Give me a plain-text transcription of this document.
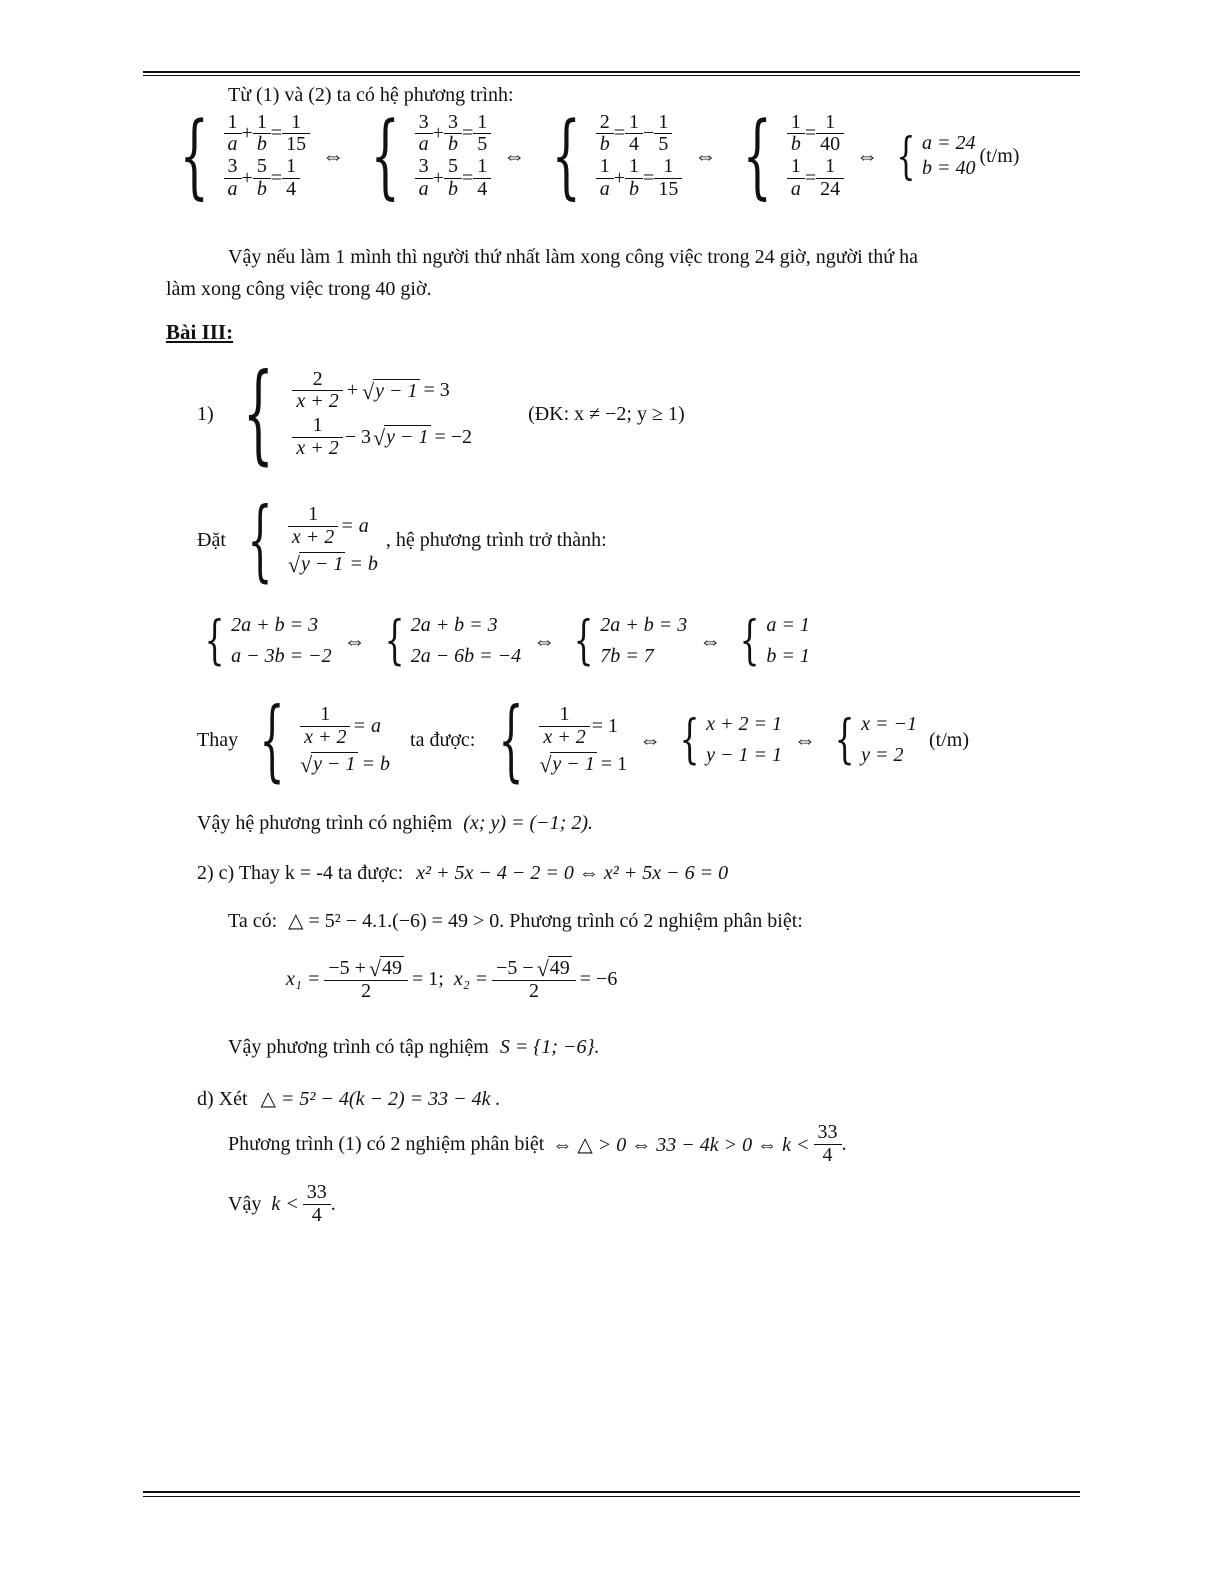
Từ (1) và (2) ta có hệ phương trình:
{ $\frac{1}{a} + \frac{1}{b} = \frac{1}{15}$
$\frac{3}{a} + \frac{5}{b} = \frac{1}{4}$
⇔ { $\frac{3}{a} + \frac{3}{b} = \frac{1}{5}$
$\frac{3}{a} + \frac{5}{b} = \frac{1}{4}$
⇔ { $\frac{2}{b} = \frac{1}{4} - \frac{1}{5}$
$\frac{1}{a} + \frac{1}{b} = \frac{1}{15}$
⇔ { $\frac{1}{b} = \frac{1}{40}$
$\frac{1}{a} = \frac{1}{24}$
⇔ { a = 24
b = 40
(t/m)
Vậy nếu làm 1 mình thì người thứ nhất làm xong công việc trong 24 giờ, người thứ ha
làm xong công việc trong 40 giờ.
Bài III:
1) { $\frac{2}{x + 2}$ + √ y − 1 = 3
$\frac{1}{x + 2} - 3$ √ y − 1 = −2
(ĐK: x ≠ −2; y ≥ 1)
Đặt { $\frac{1}{x + 2} = a$
√ y − 1 = b
, hệ phương trình trở thành:
{ 2a + b = 3
a − 3b = −2
⇔ { 2a + b = 3
2a − 6b = −4
⇔ { 2a + b = 3
7b = 7
⇔ { a = 1
b = 1
Thay { $\frac{1}{x + 2} = a$
√ y − 1 = b
ta được: { $\frac{1}{x + 2} = 1$
√ y − 1 = 1
⇔ { x + 2 = 1
y − 1 = 1
⇔ { x = −1
y = 2
(t/m)
Vậy hệ phương trình có nghiệm (x; y) = (−1; 2).
2) c) Thay k = -4 ta được: x² + 5x − 4 − 2 = 0 ⇔ x² + 5x − 6 = 0
Ta có: △ = 5² − 4.1.(−6) = 49 > 0. Phương trình có 2 nghiệm phân biệt:
$x_1 = \frac{-5 + √ 49}{2} = 1$; $x_2 = \frac{-5 - √ 49}{2} = -6$
Vậy phương trình có tập nghiệm S = {1; −6}.
d) Xét △ = 5² − 4(k − 2) = 33 − 4k .
Phương trình (1) có 2 nghiệm phân biệt ⇔ △ > 0 ⇔ 33 − 4k > 0 ⇔ $k < \frac{33}{4}$ .
Vậy $k < \frac{33}{4}$ .
